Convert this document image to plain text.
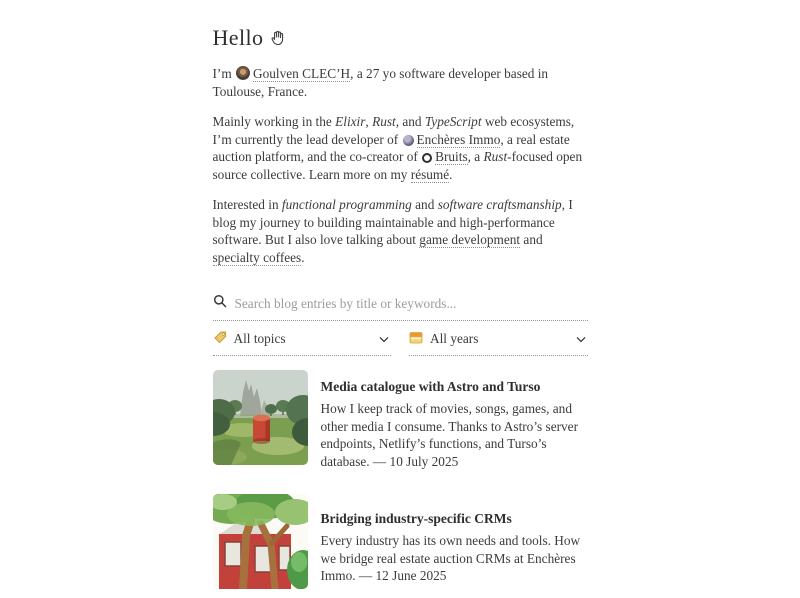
Hello

I’m Goulven CLEC’H, a 27 yo software developer based in Toulouse, France.

Mainly working in the Elixir, Rust, and TypeScript web ecosystems, I’m currently the lead developer of Enchères Immo, a real estate auction platform, and the co-creator of Bruits, a Rust-focused open source collective. Learn more on my résumé.

Interested in functional programming and software craftsmanship, I blog my journey to building maintainable and high-performance software. But I also love talking about game development and specialty coffees.

Search blog entries by title or keywords...
All topics	All years

Media catalogue with Astro and Turso

How I keep track of movies, songs, games, and other media I consume. Thanks to Astro’s server endpoints, Netlify’s functions, and Turso’s database. — 10 July 2025

Bridging industry-specific CRMs

Every industry has its own needs and tools. How we bridge real estate auction CRMs at Enchères Immo. — 12 June 2025
